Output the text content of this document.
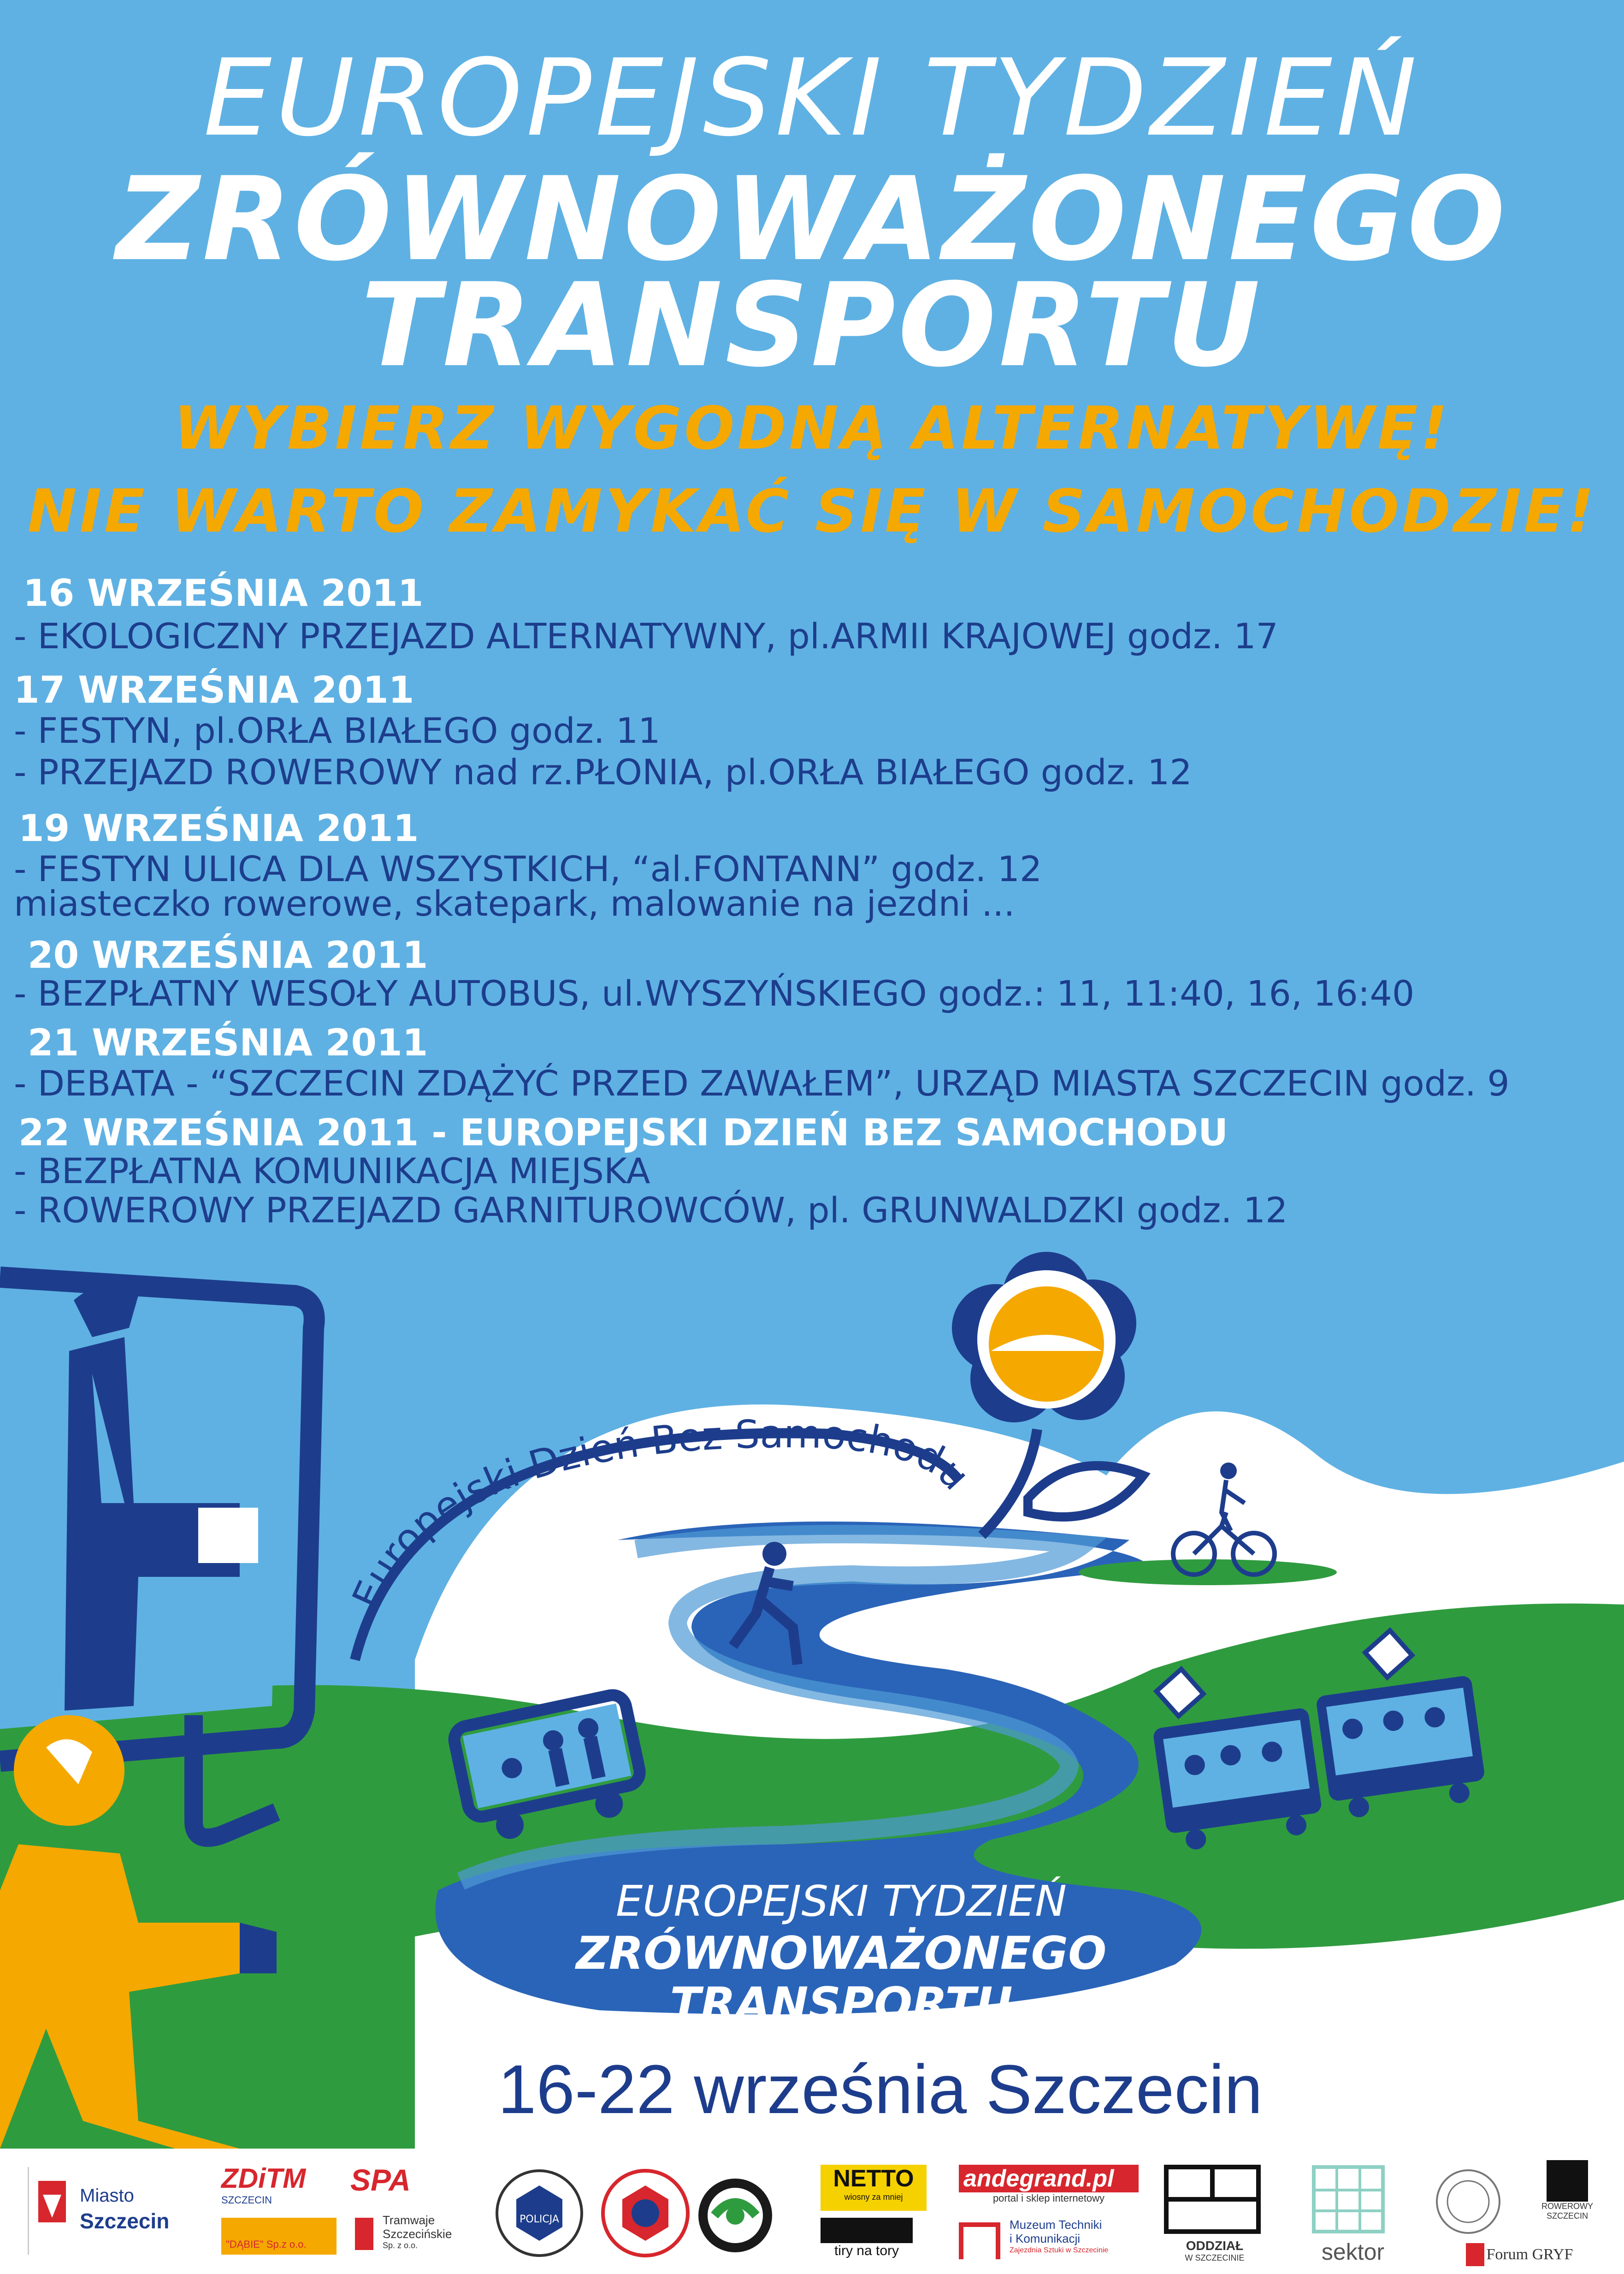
EUROPEJSKI TYDZIEŃ
ZRÓWNOWAŻONEGO
TRANSPORTU
WYBIERZ WYGODNĄ ALTERNATYWĘ!
NIE WARTO ZAMYKAĆ SIĘ W SAMOCHODZIE!
16 WRZEŚNIA 2011
- EKOLOGICZNY PRZEJAZD ALTERNATYWNY, pl.ARMII KRAJOWEJ godz. 17
17 WRZEŚNIA 2011
- FESTYN, pl.ORŁA BIAŁEGO godz. 11
- PRZEJAZD ROWEROWY nad rz.PŁONIA, pl.ORŁA BIAŁEGO godz. 12
19 WRZEŚNIA 2011
- FESTYN ULICA DLA WSZYSTKICH, “al.FONTANN” godz. 12
miasteczko rowerowe, skatepark, malowanie na jezdni ...
20 WRZEŚNIA 2011
- BEZPŁATNY WESOŁY AUTOBUS, ul.WYSZYŃSKIEGO godz.: 11, 11:40, 16, 16:40
21 WRZEŚNIA 2011
- DEBATA - “SZCZECIN ZDĄŻYĆ PRZED ZAWAŁEM”, URZĄD MIASTA SZCZECIN godz. 9
22 WRZEŚNIA 2011 - EUROPEJSKI DZIEŃ BEZ SAMOCHODU
- BEZPŁATNA KOMUNIKACJA MIEJSKA
- ROWEROWY PRZEJAZD GARNITUROWCÓW, pl. GRUNWALDZKI godz. 12
Europejski Dzień Bez Samochodu
EUROPEJSKI TYDZIEŃ
ZRÓWNOWAŻONEGO
TRANSPORTU
16-22 września Szczecin
Miasto
Szczecin
ZDiTM
SZCZECIN
"DĄBIE" Sp.z o.o.
SPA
Tramwaje
Szczecińskie
Sp. z o.o.
POLICJA
NETTO
wiosny za mniej
tiry na tory
andegrand.pl
portal i sklep internetowy
Muzeum Techniki
i Komunikacji
Zajezdnia Sztuki w Szczecinie	ODDZIAŁ
W SZCZECINIE	sektor
ROWEROWY
SZCZECIN
Forum GRYF
